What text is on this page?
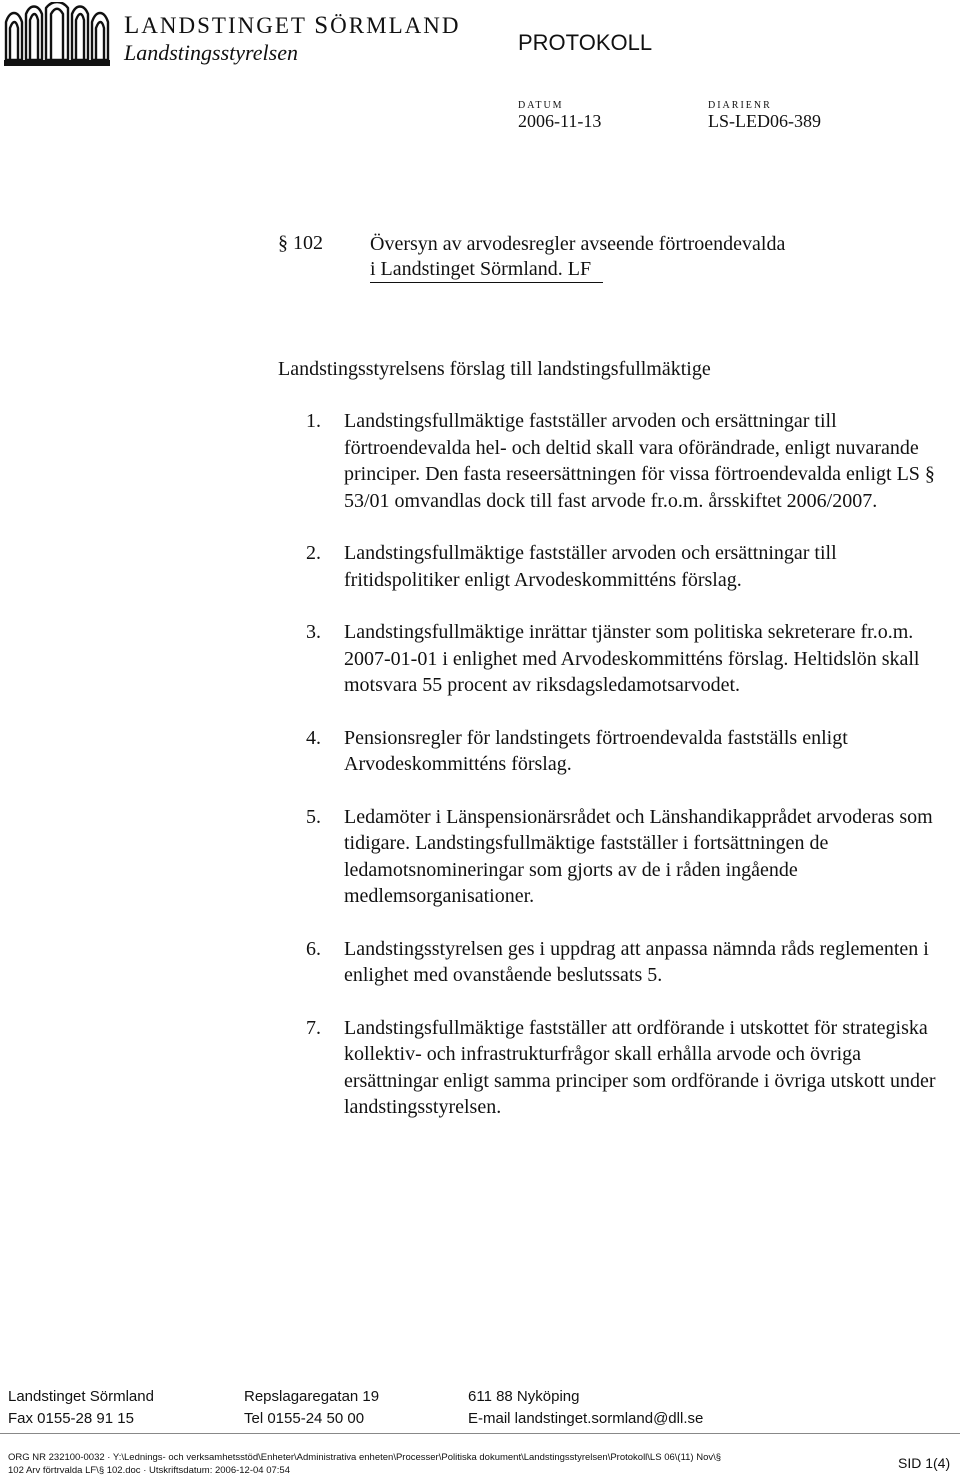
LANDSTINGET SÖRMLAND
Landstingsstyrelsen	PROTOKOLL
DATUM
2006-11-13
DIARIENR
LS-LED06-389
§ 102 Översyn av arvodesregler avseende förtroendevalda
i Landstinget Sörmland. LF
Landstingsstyrelsens förslag till landstingsfullmäktige
1. Landstingsfullmäktige fastställer arvoden och ersättningar till förtroendevalda hel- och deltid skall vara oförändrade, enligt nuvarande principer. Den fasta reseersättningen för vissa förtroendevalda enligt LS § 53/01 omvandlas dock till fast arvode fr.o.m. årsskiftet 2006/2007.
2. Landstingsfullmäktige fastställer arvoden och ersättningar till fritidspolitiker enligt Arvodeskommitténs förslag.
3. Landstingsfullmäktige inrättar tjänster som politiska sekreterare fr.o.m. 2007-01-01 i enlighet med Arvodeskommitténs förslag. Heltidslön skall motsvara 55 procent av riksdagsledamotsarvodet.
4. Pensionsregler för landstingets förtroendevalda fastställs enligt Arvodeskommitténs förslag.
5. Ledamöter i Länspensionärsrådet och Länshandikapprådet arvoderas som tidigare. Landstingsfullmäktige fastställer i fortsättningen de ledamotsnomineringar som gjorts av de i råden ingående medlemsorganisationer.
6. Landstingsstyrelsen ges i uppdrag att anpassa nämnda råds reglementen i enlighet med ovanstående beslutssats 5.
7. Landstingsfullmäktige fastställer att ordförande i utskottet för strategiska kollektiv- och infrastrukturfrågor skall erhålla arvode och övriga ersättningar enligt samma principer som ordförande i övriga utskott under landstingsstyrelsen.
Landstinget Sörmland	Repslagaregatan 19	611 88 Nyköping
Fax 0155-28 91 15	Tel 0155-24 50 00	E-mail landstinget.sormland@dll.se
ORG NR 232100-0032 · Y:\Lednings- och verksamhetsstöd\Enheter\Administrativa enheten\Processer\Politiska dokument\Landstingsstyrelsen\Protokoll\LS 06\(11) Nov\§
102 Arv förtrvalda LF\§ 102.doc · Utskriftsdatum: 2006-12-04 07:54	SID 1(4)
